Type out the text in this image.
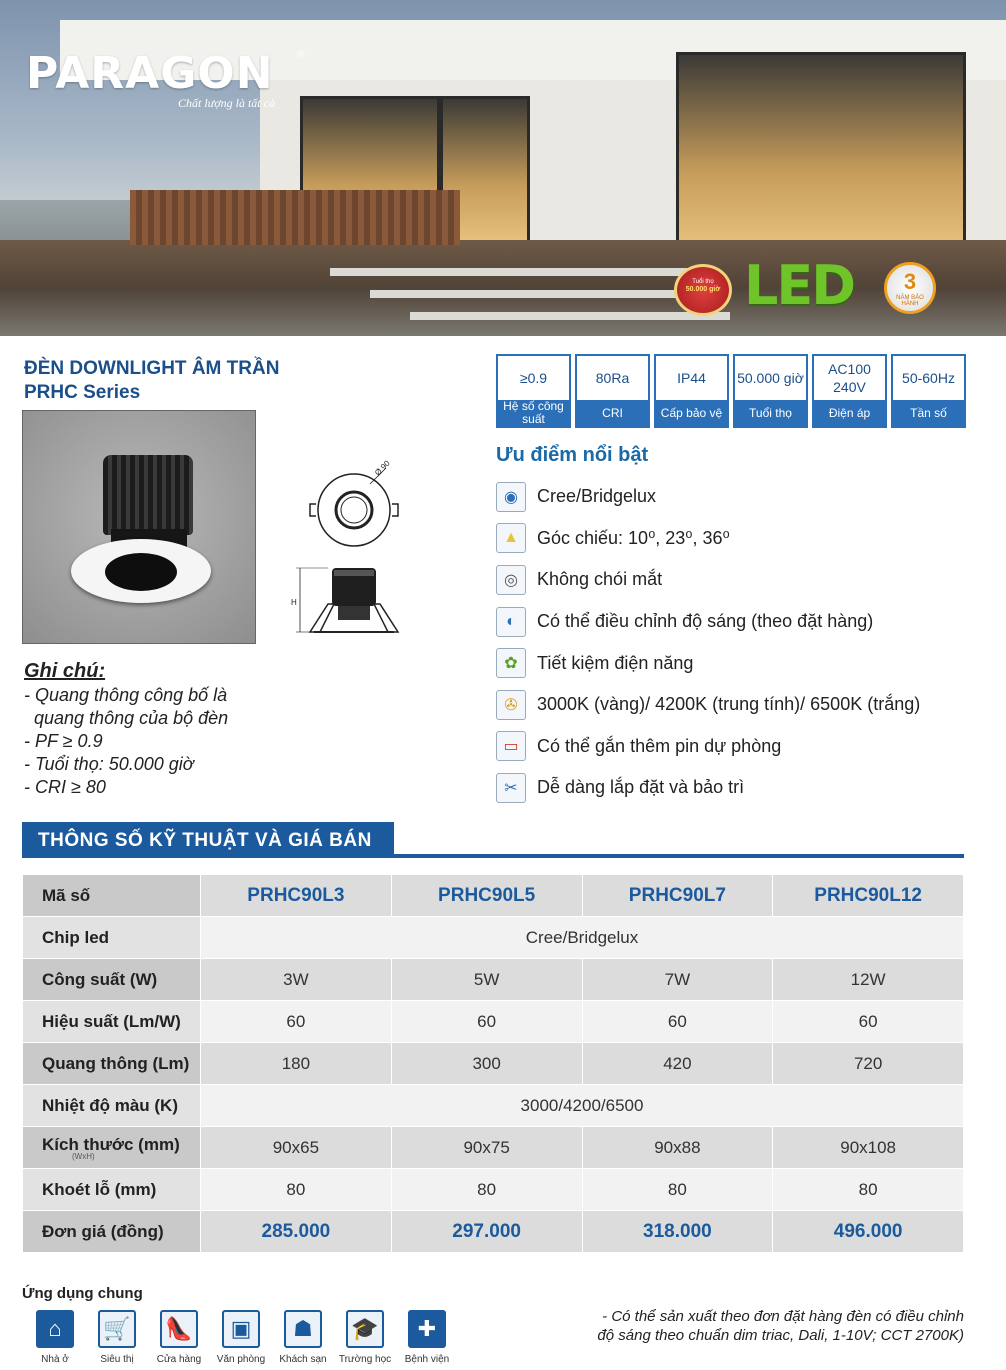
PARAGON ®
Chất lượng là tất cả
Tuổi thọ
50.000 giờ LED	3
NĂM BẢO HÀNH
ĐÈN DOWNLIGHT ÂM TRẦN
PRHC Series
Ø 90
H
Ghi chú:
- Quang thông công bố là
quang thông của bộ đèn
- PF ≥ 0.9
- Tuổi thọ: 50.000 giờ
- CRI ≥ 80
≥0.9
Hệ số công suất
80Ra
CRI
IP44
Cấp bảo vệ
50.000 giờ
Tuổi thọ
AC100 240V
Điện áp
50-60Hz
Tần số
Ưu điểm nổi bật
◉	Cree/Bridgelux
▲	Góc chiếu: 10⁰, 23⁰, 36⁰
◎	Không chói mắt
◐	Có thể điều chỉnh độ sáng (theo đặt hàng)
✿	Tiết kiệm điện năng
✇	3000K (vàng)/ 4200K (trung tính)/ 6500K (trắng)
▭	Có thể gắn thêm pin dự phòng
✂	Dễ dàng lắp đặt và bảo trì
THÔNG SỐ KỸ THUẬT VÀ GIÁ BÁN
Mã số	PRHC90L3	PRHC90L5	PRHC90L7	PRHC90L12
Chip led	Cree/Bridgelux			
Công suất (W)	3W	5W	7W	12W
Hiệu suất (Lm/W)	60	60	60	60
Quang thông (Lm)	180	300	420	720
Nhiệt độ màu (K)	3000/4200/6500			
Kích thước (mm)
(WxH)	90x65	90x75	90x88	90x108
Khoét lỗ (mm)	80	80	80	80
Đơn giá (đồng)	285.000	297.000	318.000	496.000
Ứng dụng chung
⌂
Nhà ở
🛒
Siêu thị
👠
Cửa hàng
▣
Văn phòng
☗
Khách sạn
🎓
Trường học
✚
Bệnh viện
- Có thể sản xuất theo đơn đặt hàng đèn có điều chỉnh
độ sáng theo chuẩn dim triac, Dali, 1-10V; CCT 2700K)
